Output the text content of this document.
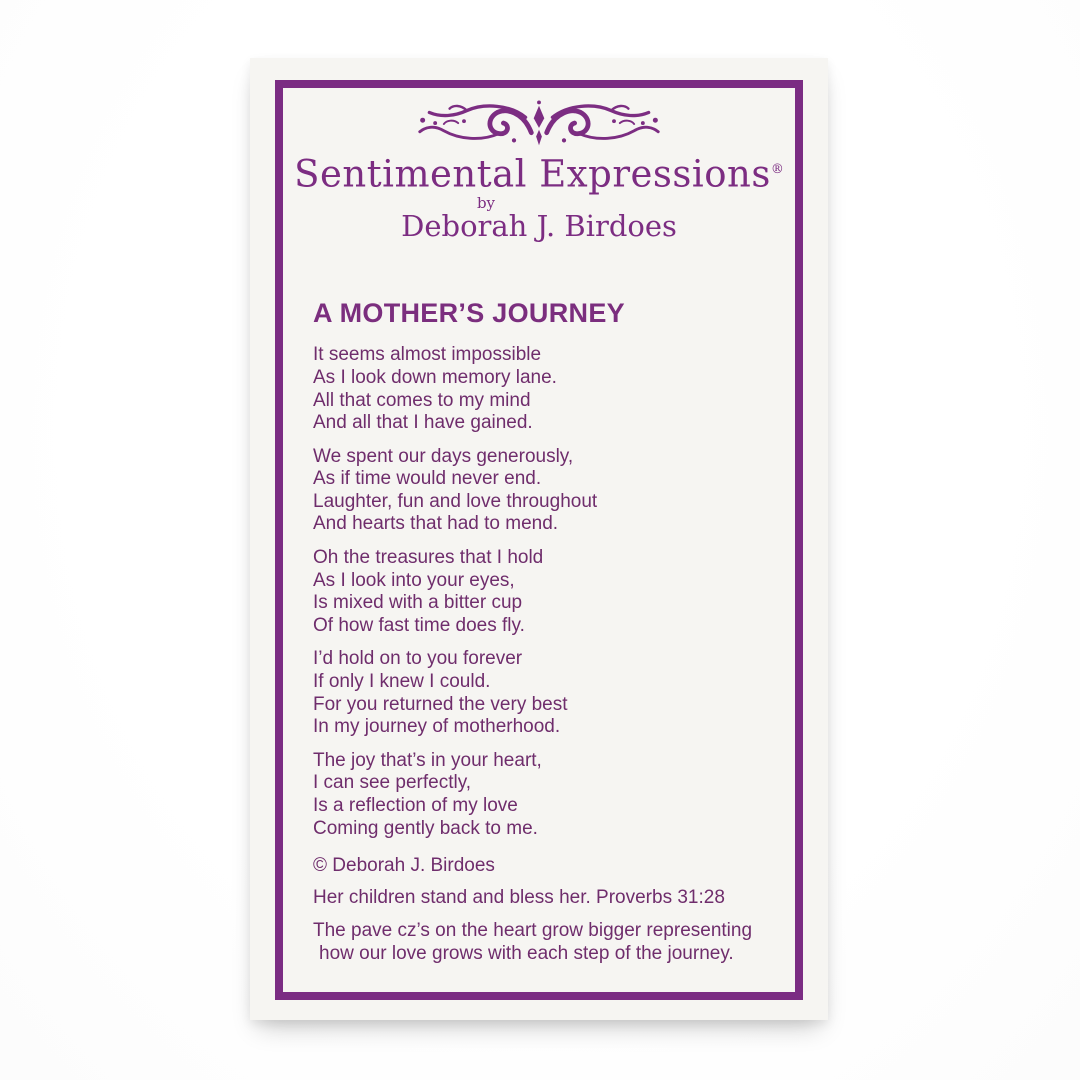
Sentimental Expressions®
by
Deborah J. Birdoes
A MOTHER’S JOURNEY
It seems almost impossible
As I look down memory lane.
All that comes to my mind
And all that I have gained.
We spent our days generously,
As if time would never end.
Laughter, fun and love throughout
And hearts that had to mend.
Oh the treasures that I hold
As I look into your eyes,
Is mixed with a bitter cup
Of how fast time does fly.
I’d hold on to you forever
If only I knew I could.
For you returned the very best
In my journey of motherhood.
The joy that’s in your heart,
I can see perfectly,
Is a reflection of my love
Coming gently back to me.
© Deborah J. Birdoes
Her children stand and bless her. Proverbs 31:28
The pave cz’s on the heart grow bigger representing
how our love grows with each step of the journey.
